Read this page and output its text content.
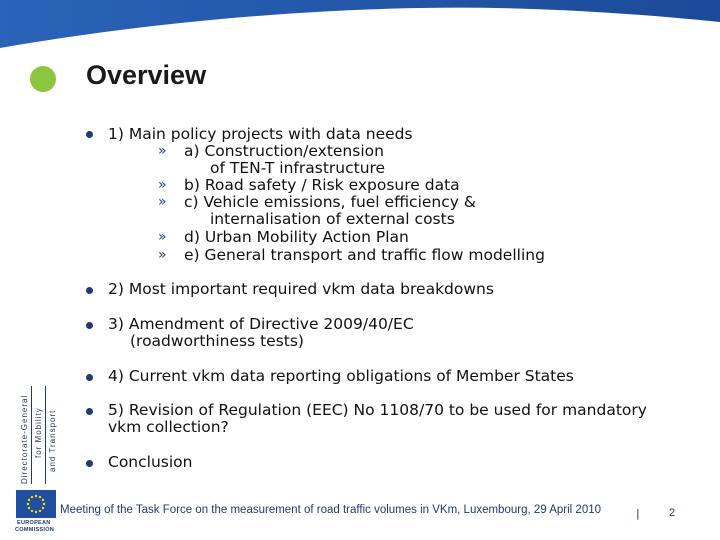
Overview
1) Main policy projects with data needs
» a) Construction/extension
of TEN-T infrastructure
» b) Road safety / Risk exposure data
» c) Vehicle emissions, fuel efficiency &
internalisation of external costs
» d) Urban Mobility Action Plan
» e) General transport and traffic flow modelling
2) Most important required vkm data breakdowns
3) Amendment of Directive 2009/40/EC
(roadworthiness tests)
4) Current vkm data reporting obligations of Member States
5) Revision of Regulation (EEC) No 1108/70 to be used for mandatory
vkm collection?
Conclusion
Directorate-General for Mobility and Transport
EUROPEAN
COMMISSION
Meeting of the Task Force on the measurement of road traffic volumes in VKm, Luxembourg, 29 April 2010	|	2
